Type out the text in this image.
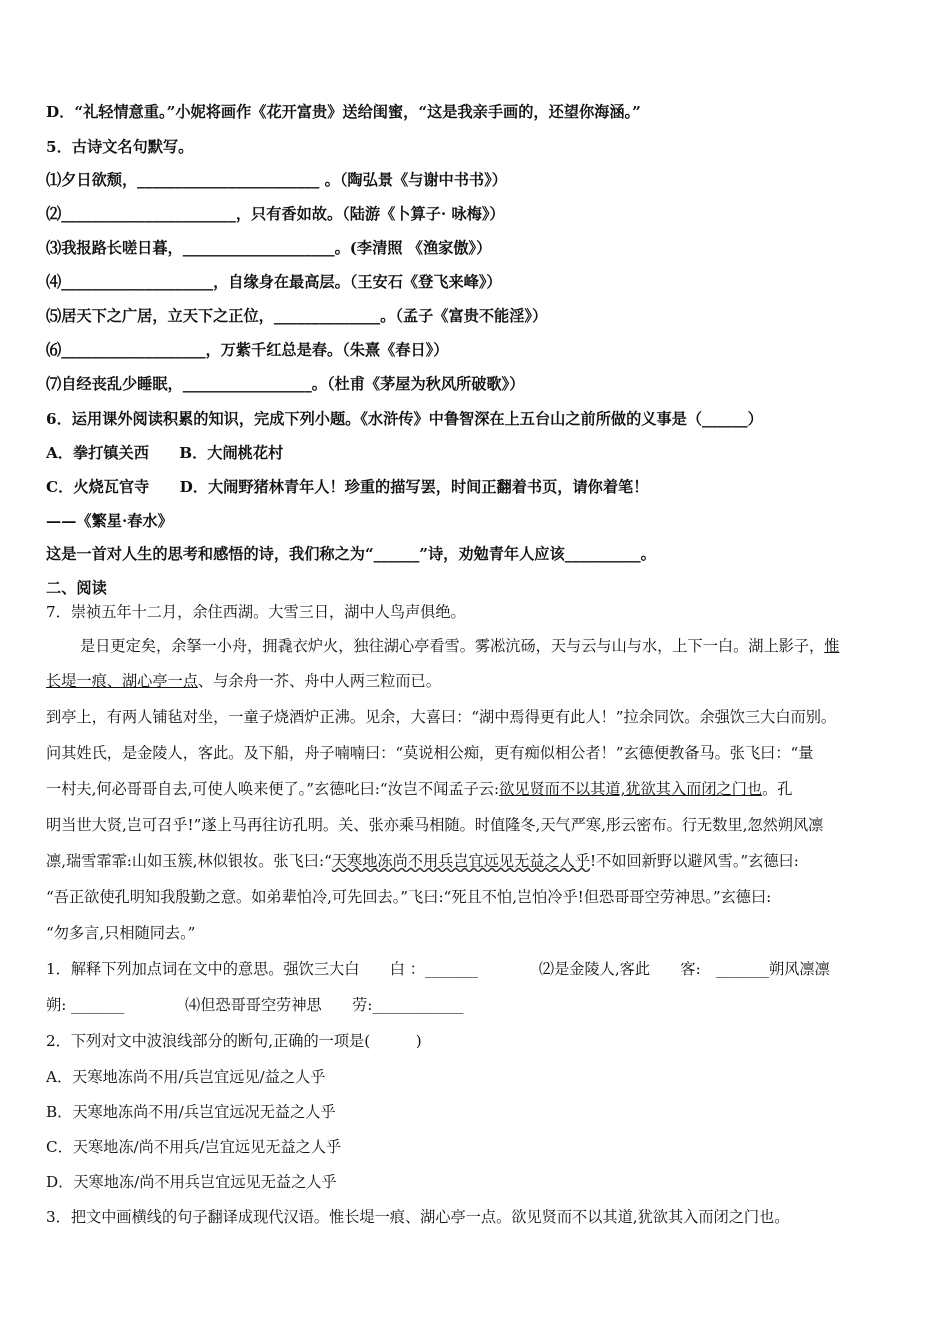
D．“礼轻情意重。”小妮将画作《花开富贵》送给闺蜜，“这是我亲手画的，还望你海涵。”
5．古诗文名句默写。
⑴夕日欲颓，________________________ 。（陶弘景《与谢中书书》）
⑵_______________________，只有香如故。（陆游《卜算子· 咏梅》）
⑶我报路长嗟日暮，____________________。(李清照 《渔家傲》）
⑷____________________，自缘身在最高层。（王安石《登飞来峰》）
⑸居天下之广居，立天下之正位，______________。（孟子《富贵不能淫》）
⑹___________________，万紫千红总是春。（朱熹《春日》）
⑺自经丧乱少睡眠，_________________。（杜甫《茅屋为秋风所破歌》）
6．运用课外阅读积累的知识，完成下列小题。《水浒传》中鲁智深在上五台山之前所做的义事是（______）
A．拳打镇关西　　B．大闹桃花村
C．火烧瓦官寺　　D．大闹野猪林青年人！珍重的描写罢，时间正翻着书页，请你着笔！
——《繁星·春水》
这是一首对人生的思考和感悟的诗，我们称之为“______”诗，劝勉青年人应该__________。
二、阅读
7．崇祯五年十二月，余住西湖。大雪三日，湖中人鸟声俱绝。
是日更定矣，余拏一小舟，拥毳衣炉火，独往湖心亭看雪。雾凇沆砀，天与云与山与水，上下一白。湖上影子，惟
长堤一痕、湖心亭一点、与余舟一芥、舟中人两三粒而已。
到亭上，有两人铺毡对坐，一童子烧酒炉正沸。见余，大喜曰：“湖中焉得更有此人！”拉余同饮。余强饮三大白而别。
问其姓氏，是金陵人，客此。及下船，舟子喃喃曰：“莫说相公痴，更有痴似相公者！”玄德便教备马。张飞曰：“量
一村夫,何必哥哥自去,可使人唤来便了。”玄德叱曰:“汝岂不闻孟子云:欲见贤而不以其道,犹欲其入而闭之门也。孔
明当世大贤,岂可召乎!”遂上马再往访孔明。关、张亦乘马相随。时值隆冬,天气严寒,彤云密布。行无数里,忽然朔风凛
凛,瑞雪霏霏:山如玉簇,林似银妆。张飞曰:“天寒地冻尚不用兵岂宜远见无益之人乎!不如回新野以避风雪。”玄德曰:
“吾正欲使孔明知我殷勤之意。如弟辈怕冷,可先回去。”飞曰:“死且不怕,岂怕冷乎!但恐哥哥空劳神思。”玄德曰:
“勿多言,只相随同去。”
1．解释下列加点词在文中的意思。强饮三大白　　白 ：_______　　　　⑵是金陵人,客此　　客:　_______朔风凛凛
朔: _______　　　　⑷但恐哥哥空劳神思　　劳:____________
2．下列对文中波浪线部分的断句,正确的一项是(　　　)
A．天寒地冻尚不用/兵岂宜远见/益之人乎
B．天寒地冻尚不用/兵岂宜远况无益之人乎
C．天寒地冻/尚不用兵/岂宜远见无益之人乎
D．天寒地冻/尚不用兵岂宜远见无益之人乎
3．把文中画横线的句子翻译成现代汉语。惟长堤一痕、湖心亭一点。欲见贤而不以其道,犹欲其入而闭之门也。
